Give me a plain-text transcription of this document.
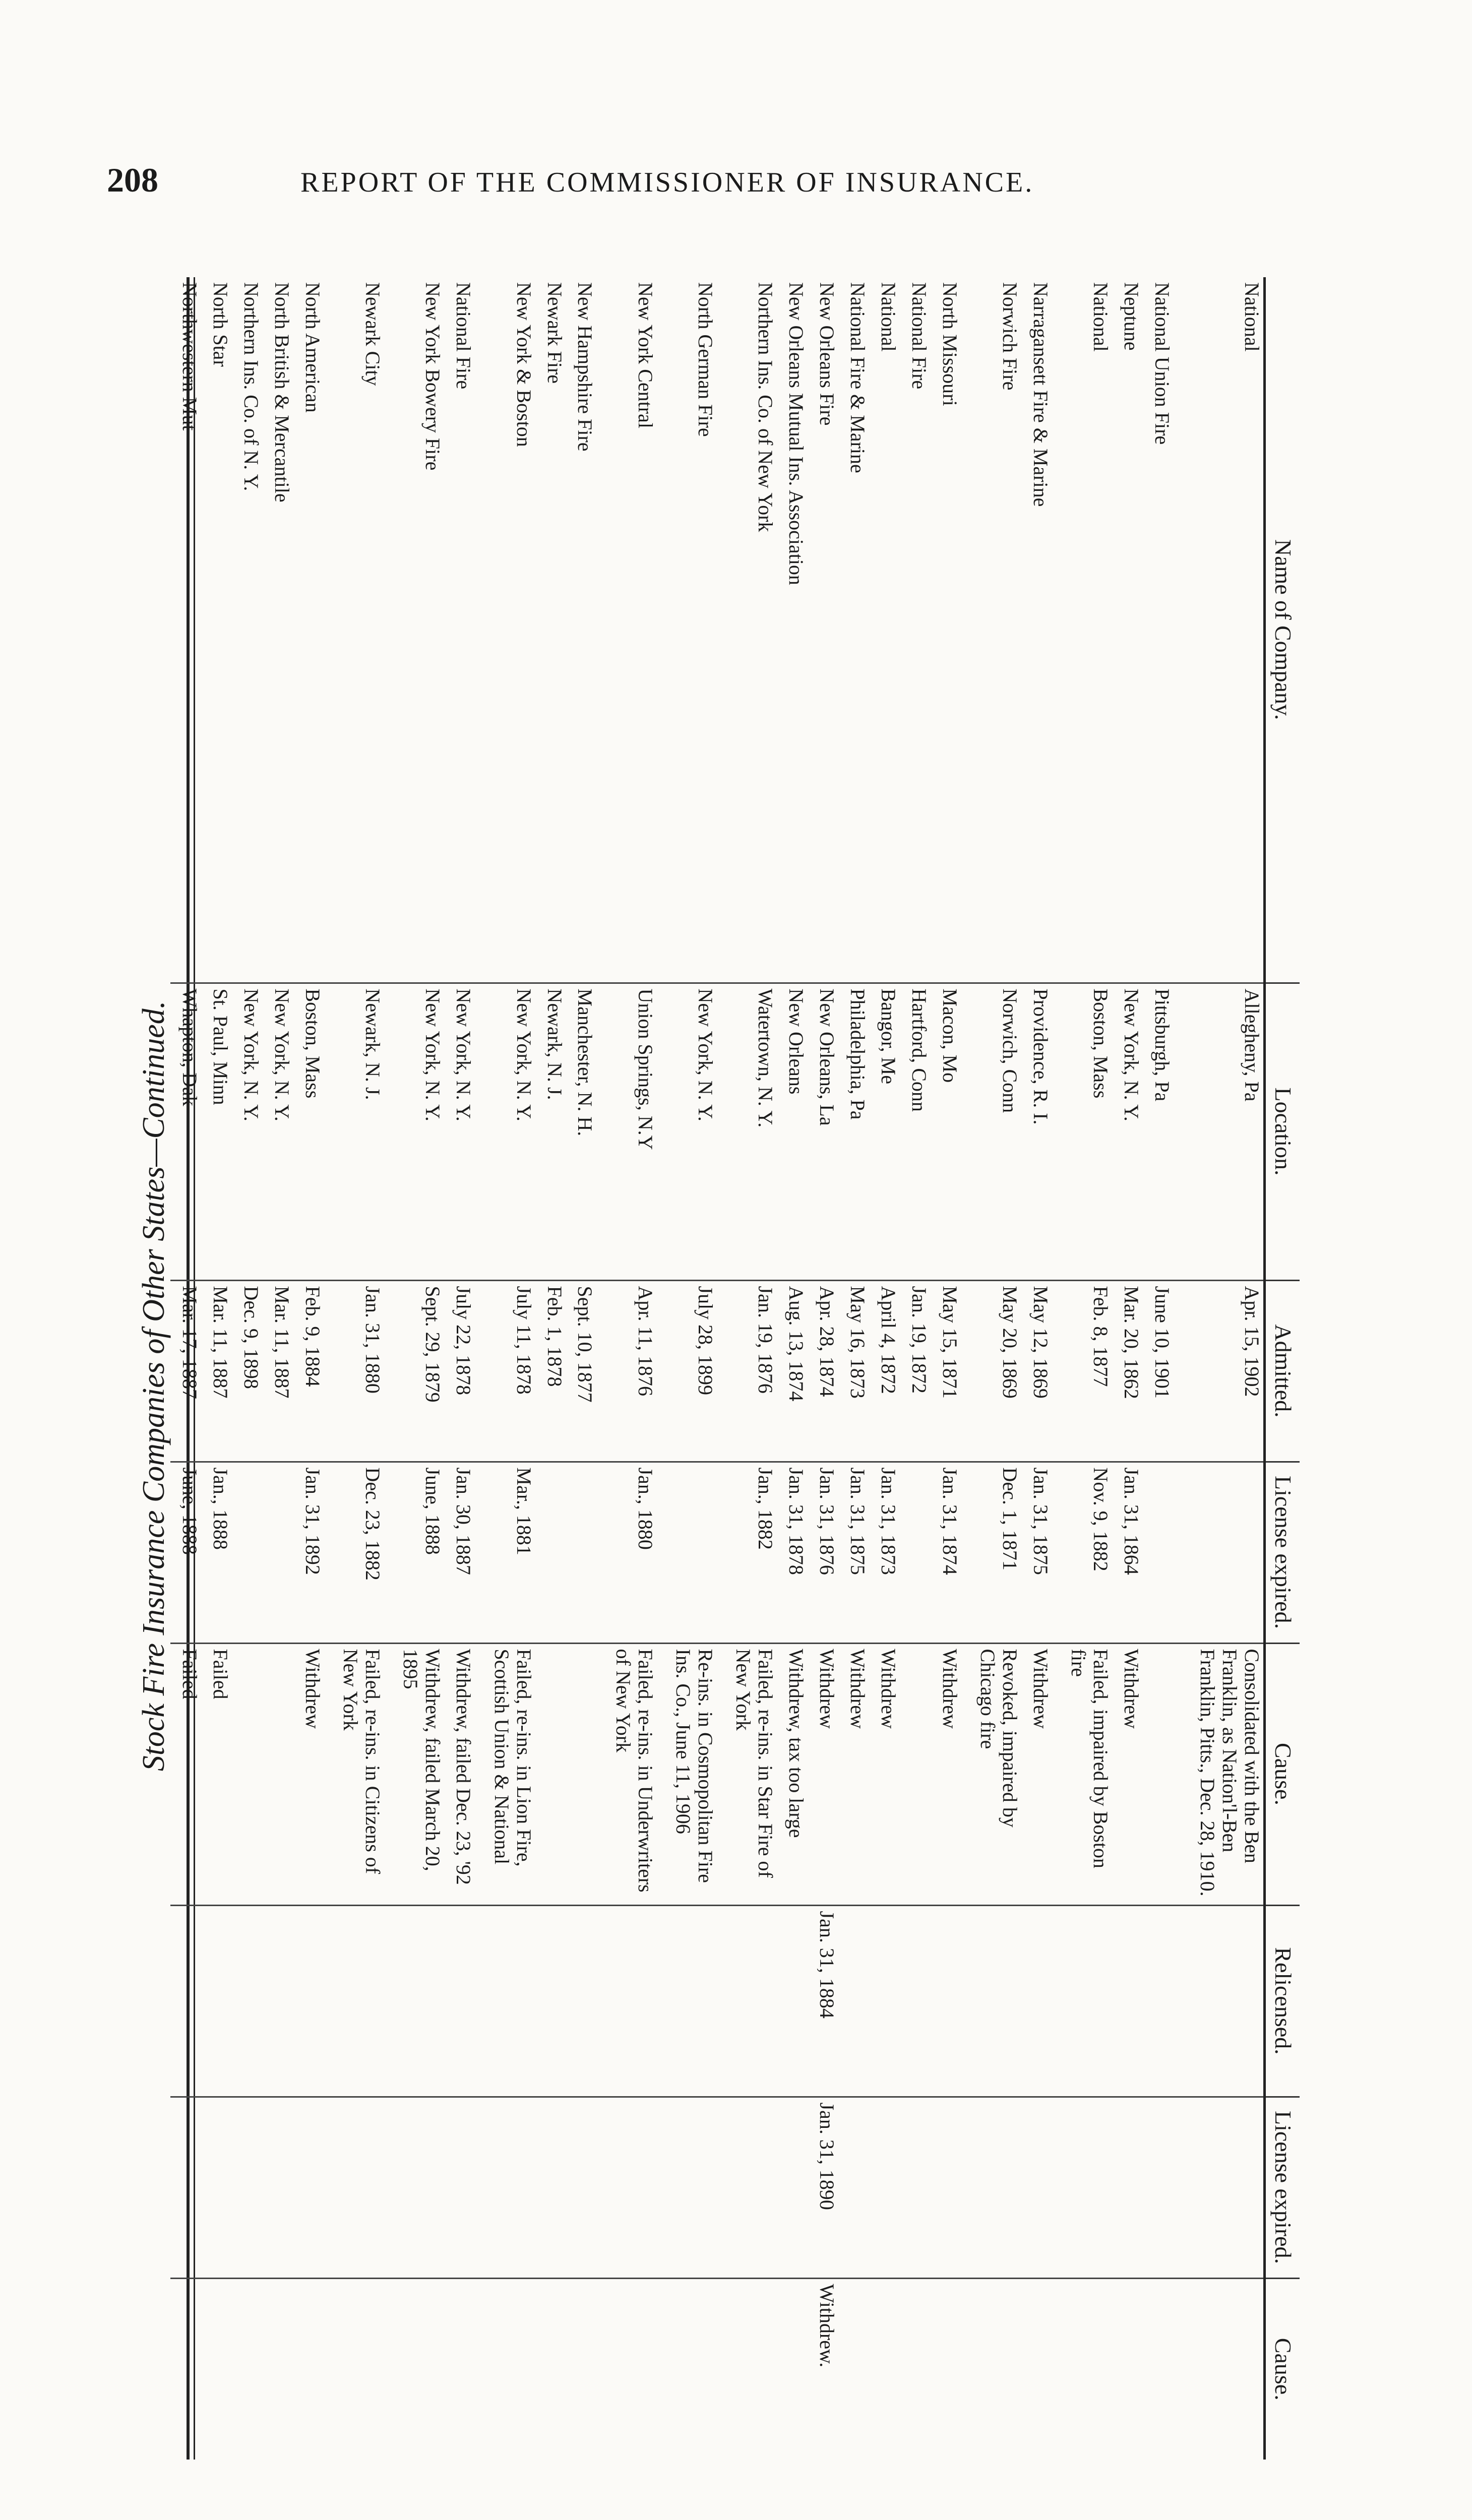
208	REPORT OF THE COMMISSIONER OF INSURANCE.
Stock Fire Insurance Companies of Other States—Continued.
Name of Company.	Location.	Admitted.	License expired.	Cause.	Relicensed.	License expired.	Cause.
National	Allegheny, Pa	Apr. 15, 1902		Consolidated with the Ben Franklin, as Nation'l-Ben Franklin, Pitts., Dec. 28, 1910.			
National Union Fire	Pittsburgh, Pa	June 10, 1901					
Neptune	New York, N. Y.	Mar. 20, 1862	Jan. 31, 1864	Withdrew			
National	Boston, Mass	Feb. 8, 1877	Nov. 9, 1882	Failed, impaired by Boston fire			
Narragansett Fire & Marine	Providence, R. I.	May 12, 1869	Jan. 31, 1875	Withdrew			
Norwich Fire	Norwich, Conn	May 20, 1869	Dec. 1, 1871	Revoked, impaired by Chicago fire			
North Missouri	Macon, Mo	May 15, 1871	Jan. 31, 1874	Withdrew			
National Fire	Hartford, Conn	Jan. 19, 1872					
National	Bangor, Me	April 4, 1872	Jan. 31, 1873	Withdrew			
National Fire & Marine	Philadelphia, Pa	May 16, 1873	Jan. 31, 1875	Withdrew			
New Orleans Fire	New Orleans, La	Apr. 28, 1874	Jan. 31, 1876	Withdrew	Jan. 31, 1884	Jan. 31, 1890	Withdrew.
New Orleans Mutual Ins. Association	New Orleans	Aug. 13, 1874	Jan. 31, 1878	Withdrew, tax too large			
Northern Ins. Co. of New York	Watertown, N. Y.	Jan. 19, 1876	Jan., 1882	Failed, re-ins. in Star Fire of New York			
North German Fire	New York, N. Y.	July 28, 1899		Re-ins. in Cosmopolitan Fire Ins. Co., June 11, 1906			
New York Central	Union Springs, N.Y	Apr. 11, 1876	Jan., 1880	Failed, re-ins. in Underwriters of New York			
New Hampshire Fire	Manchester, N. H.	Sept. 10, 1877					
Newark Fire	Newark, N. J.	Feb. 1, 1878					
New York & Boston	New York, N. Y.	July 11, 1878	Mar., 1881	Failed, re-ins. in Lion Fire, Scottish Union & National			
National Fire	New York, N. Y.	July 22, 1878	Jan. 30, 1887	Withdrew, failed Dec. 23, '92			
New York Bowery Fire	New York, N. Y.	Sept. 29, 1879	June, 1888	Withdrew, failed March 20, 1895			
Newark City	Newark, N. J.	Jan. 31, 1880	Dec. 23, 1882	Failed, re-ins. in Citizens of New York			
North American	Boston, Mass	Feb. 9, 1884	Jan. 31, 1892	Withdrew			
North British & Mercantile	New York, N. Y.	Mar. 11, 1887					
Northern Ins. Co. of N. Y.	New York, N. Y.	Dec. 9, 1898					
North Star	St. Paul, Minn	Mar. 11, 1887	Jan., 1888	Failed			
Northwestern Mut	Whapton, Dak	Mar. 17, 1887	June, 1888	Failed			
